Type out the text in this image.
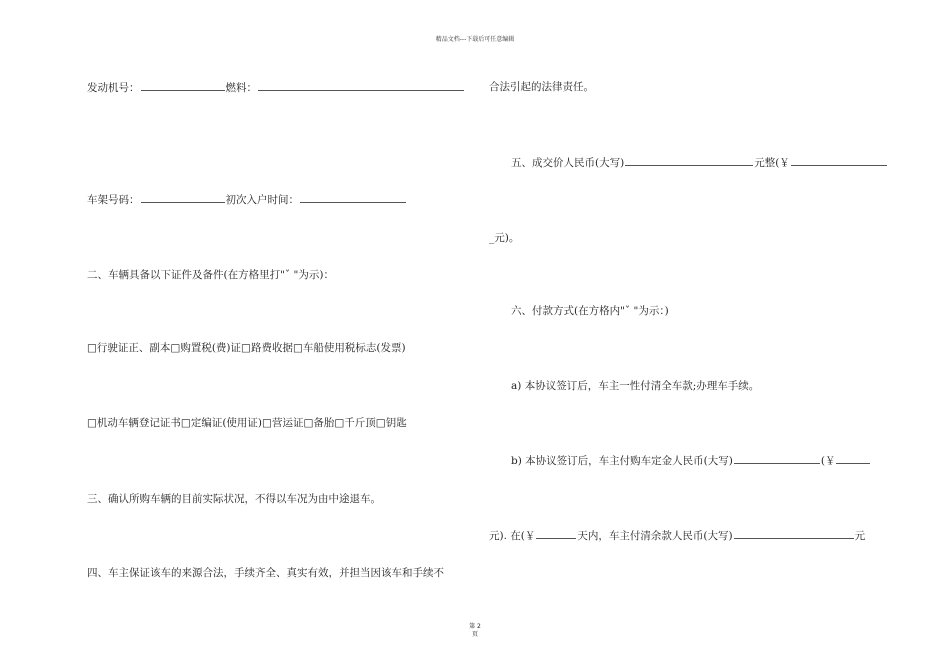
精品文档---下载后可任意编辑
发动机号：	燃料：
车架号码：	初次入户时间：
二、车辆具备以下证件及备件(在方格里打"ˇ "为示)：
□行驶证正、副本□购置税(费)证□路费收据□车船使用税标志(发票)
□机动车辆登记证书□定编证(使用证)□营运证□备胎□千斤顶□钥匙
三、确认所购车辆的目前实际状况，不得以车况为由中途退车。
四、车主保证该车的来源合法，手续齐全、真实有效，并担当因该车和手续不
合法引起的法律责任。
五、成交价人民币(大写)	元整(￥
_元)。
六、付款方式(在方格内"ˇ "为示：)
a) 本协议签订后，车主一性付清全车款;办理车手续。
b) 本协议签订后，车主付购车定金人民币(大写)	(￥
元). 在(￥	天内，车主付清余款人民币(大写)	元
第 2
页
